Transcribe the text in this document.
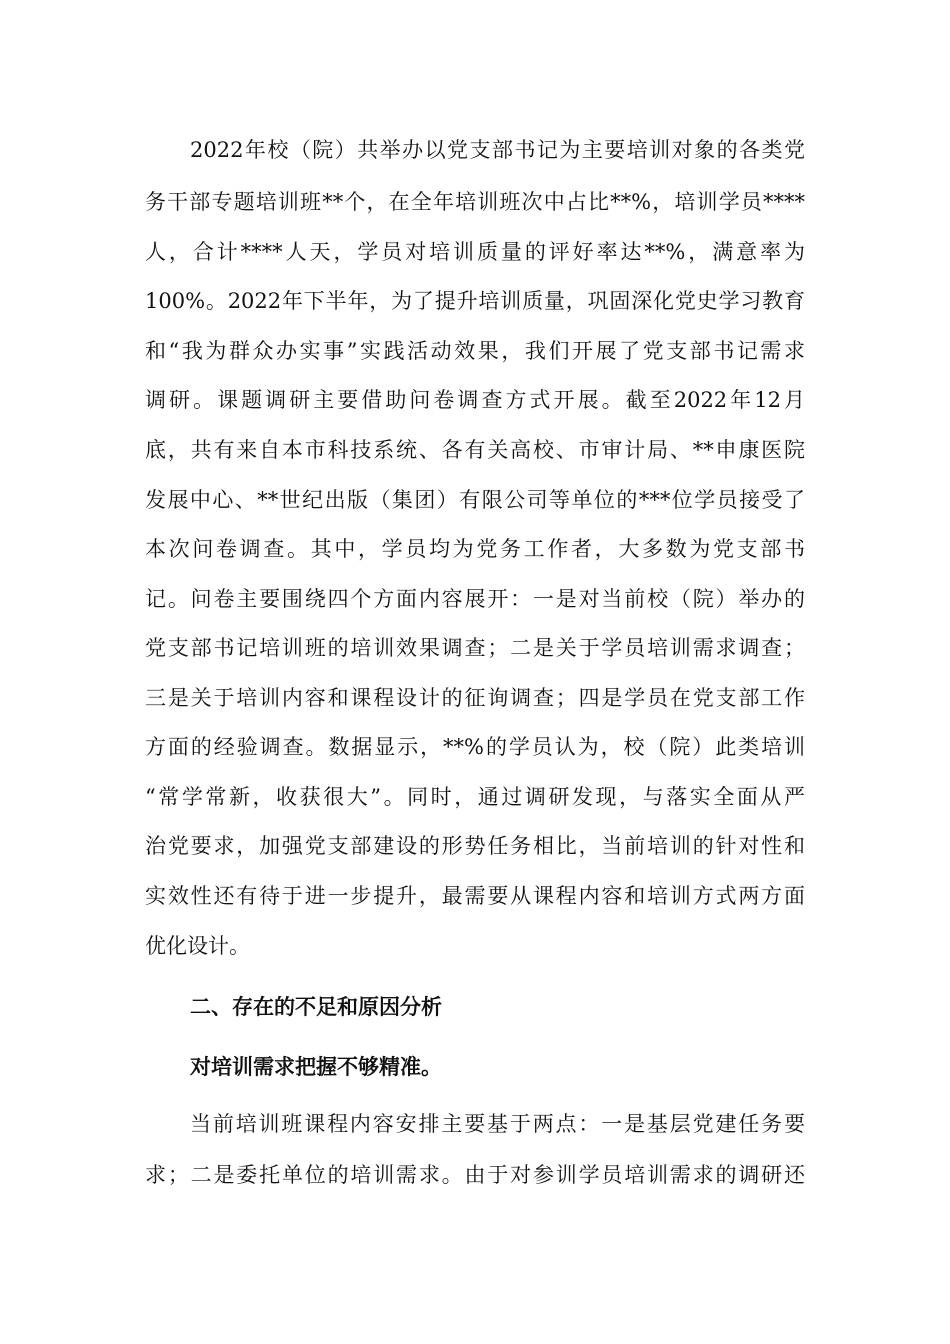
2022年校（院）共举办以党支部书记为主要培训对象的各类党
务干部专题培训班**个，在全年培训班次中占比**%，培训学员****
人，合计****人天，学员对培训质量的评好率达**%，满意率为
100%。2022年下半年，为了提升培训质量，巩固深化党史学习教育
和“我为群众办实事”实践活动效果，我们开展了党支部书记需求
调研。课题调研主要借助问卷调查方式开展。截至2022年12月
底，共有来自本市科技系统、各有关高校、市审计局、**申康医院
发展中心、**世纪出版（集团）有限公司等单位的***位学员接受了
本次问卷调查。其中，学员均为党务工作者，大多数为党支部书
记。问卷主要围绕四个方面内容展开：一是对当前校（院）举办的
党支部书记培训班的培训效果调查；二是关于学员培训需求调查；
三是关于培训内容和课程设计的征询调查；四是学员在党支部工作
方面的经验调查。数据显示，**%的学员认为，校（院）此类培训
“常学常新，收获很大”。同时，通过调研发现，与落实全面从严
治党要求，加强党支部建设的形势任务相比，当前培训的针对性和
实效性还有待于进一步提升，最需要从课程内容和培训方式两方面
优化设计。
二、存在的不足和原因分析
对培训需求把握不够精准。
当前培训班课程内容安排主要基于两点：一是基层党建任务要
求；二是委托单位的培训需求。由于对参训学员培训需求的调研还
